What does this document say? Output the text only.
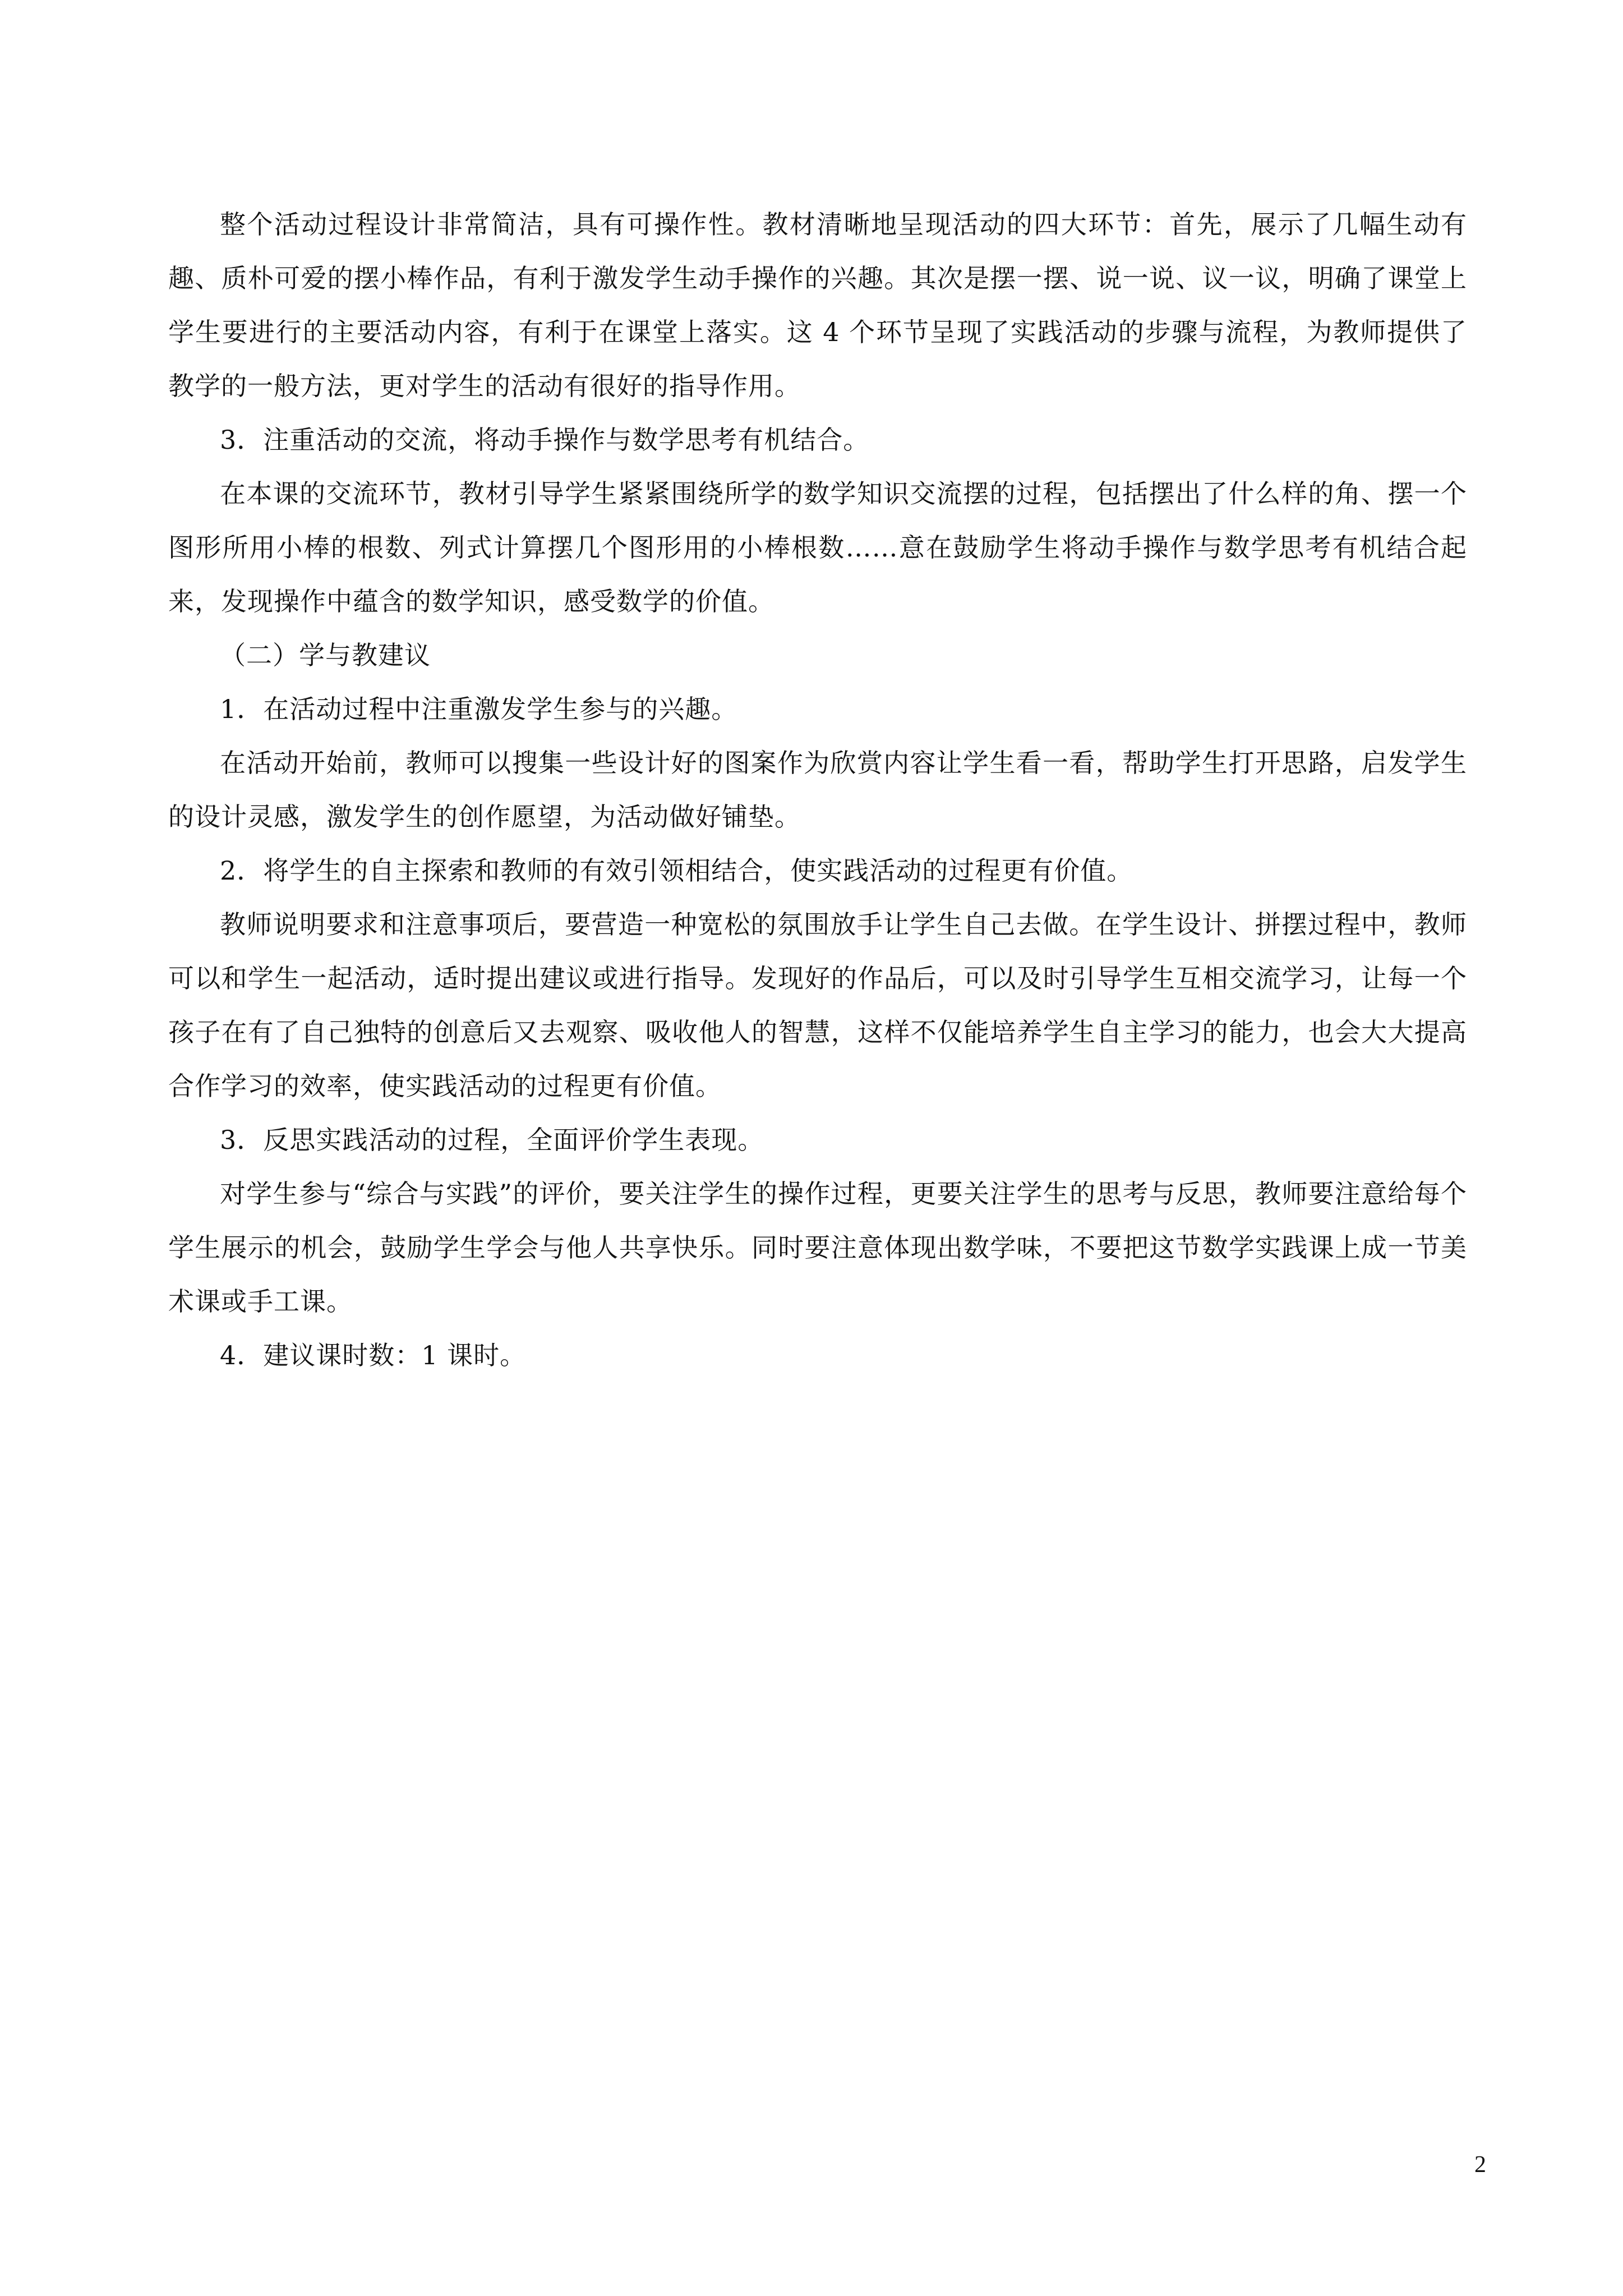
整个活动过程设计非常简洁，具有可操作性。教材清晰地呈现活动的四大环节：首先，展示了几幅生动有趣、质朴可爱的摆小棒作品，有利于激发学生动手操作的兴趣。其次是摆一摆、说一说、议一议，明确了课堂上学生要进行的主要活动内容，有利于在课堂上落实。这 4 个环节呈现了实践活动的步骤与流程，为教师提供了教学的一般方法，更对学生的活动有很好的指导作用。

3．注重活动的交流，将动手操作与数学思考有机结合。

在本课的交流环节，教材引导学生紧紧围绕所学的数学知识交流摆的过程，包括摆出了什么样的角、摆一个图形所用小棒的根数、列式计算摆几个图形用的小棒根数……意在鼓励学生将动手操作与数学思考有机结合起来，发现操作中蕴含的数学知识，感受数学的价值。

（二）学与教建议

1．在活动过程中注重激发学生参与的兴趣。

在活动开始前，教师可以搜集一些设计好的图案作为欣赏内容让学生看一看，帮助学生打开思路，启发学生的设计灵感，激发学生的创作愿望，为活动做好铺垫。

2．将学生的自主探索和教师的有效引领相结合，使实践活动的过程更有价值。

教师说明要求和注意事项后，要营造一种宽松的氛围放手让学生自己去做。在学生设计、拼摆过程中，教师可以和学生一起活动，适时提出建议或进行指导。发现好的作品后，可以及时引导学生互相交流学习，让每一个孩子在有了自己独特的创意后又去观察、吸收他人的智慧，这样不仅能培养学生自主学习的能力，也会大大提高合作学习的效率，使实践活动的过程更有价值。

3．反思实践活动的过程，全面评价学生表现。

对学生参与“综合与实践”的评价，要关注学生的操作过程，更要关注学生的思考与反思，教师要注意给每个学生展示的机会，鼓励学生学会与他人共享快乐。同时要注意体现出数学味，不要把这节数学实践课上成一节美术课或手工课。

4．建议课时数：1 课时。

2
